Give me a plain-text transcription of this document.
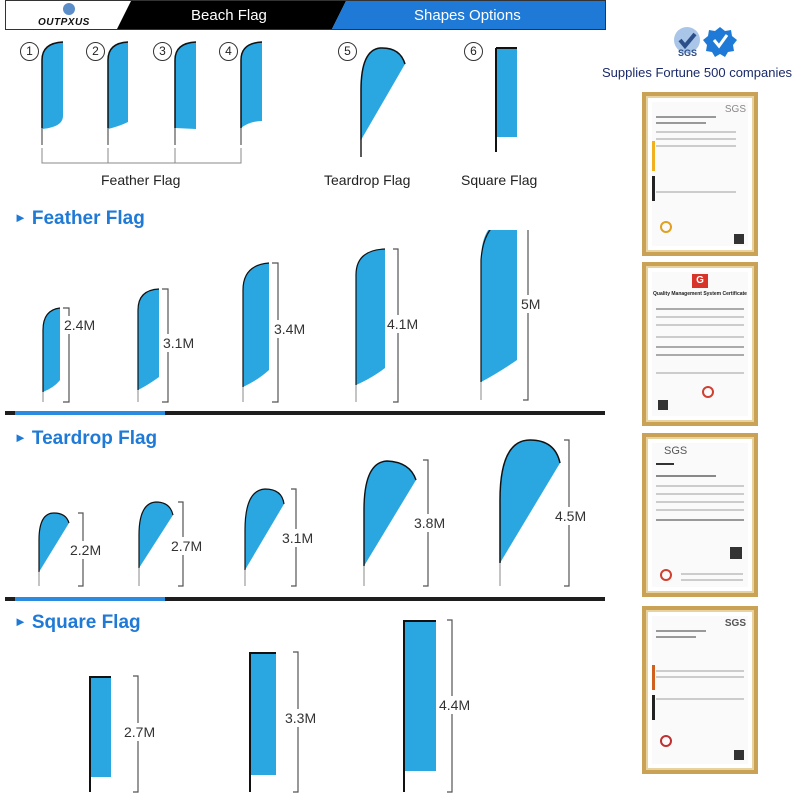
OUTPXUS	Beach Flag	Shapes Options
1	2	3	4	5	6
Feather Flag	Teardrop Flag	Square Flag
► Feather Flag
2.4M
3.1M
3.4M	4.1M
5M
► Teardrop Flag
2.2M	2.7M	3.1M
3.8M	4.5M
► Square Flag
2.7M
3.3M
4.4M
SGS
Supplies Fortune 500 companies
SGS
G
Quality Management System Certificate
SGS
SGS
